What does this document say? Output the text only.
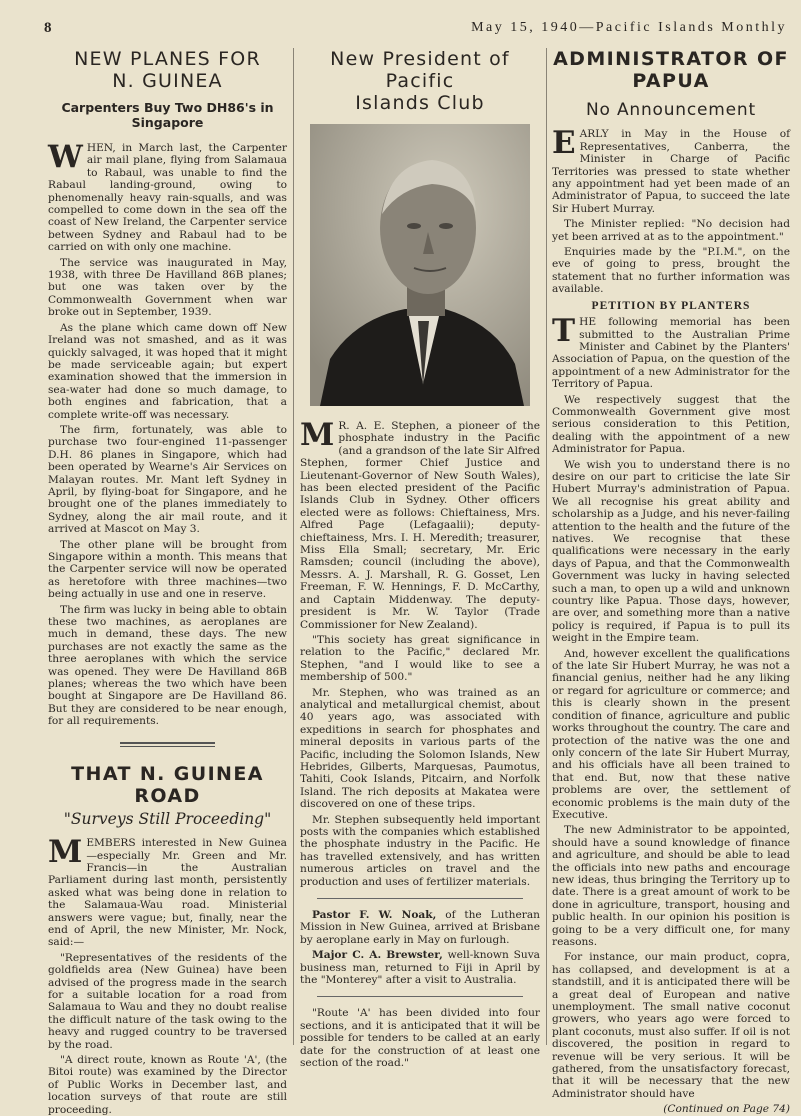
8	May 15, 1940—Pacific Islands Monthly
NEW PLANES FOR
N. GUINEA
Carpenters Buy Two DH86's in Singapore

WHEN, in March last, the Carpenter air mail plane, flying from Salamaua to Rabaul, was unable to find the Rabaul landing-ground, owing to phenomenally heavy rain-squalls, and was compelled to come down in the sea off the coast of New Ireland, the Carpenter service between Sydney and Rabaul had to be carried on with only one machine.

The service was inaugurated in May, 1938, with three De Havilland 86B planes; but one was taken over by the Commonwealth Government when war broke out in September, 1939.

As the plane which came down off New Ireland was not smashed, and as it was quickly salvaged, it was hoped that it might be made serviceable again; but expert examination showed that the immersion in sea-water had done so much damage, to both engines and fabrication, that a complete write-off was necessary.

The firm, fortunately, was able to purchase two four-engined 11-passenger D.H. 86 planes in Singapore, which had been operated by Wearne's Air Services on Malayan routes. Mr. Mant left Sydney in April, by flying-boat for Singapore, and he brought one of the planes immediately to Sydney, along the air mail route, and it arrived at Mascot on May 3.

The other plane will be brought from Singapore within a month. This means that the Carpenter service will now be operated as heretofore with three machines—two being actually in use and one in reserve.

The firm was lucky in being able to obtain these two machines, as aeroplanes are much in demand, these days. The new purchases are not exactly the same as the three aeroplanes with which the service was opened. They were De Havilland 86B planes; whereas the two which have been bought at Singapore are De Havilland 86. But they are considered to be near enough, for all requirements.

THAT N. GUINEA
ROAD
"Surveys Still Proceeding"

MEMBERS interested in New Guinea —especially Mr. Green and Mr. Francis—in the Australian Parliament during last month, persistently asked what was being done in relation to the Salamaua-Wau road. Ministerial answers were vague; but, finally, near the end of April, the new Minister, Mr. Nock, said:—

"Representatives of the residents of the goldfields area (New Guinea) have been advised of the progress made in the search for a suitable location for a road from Salamaua to Wau and they no doubt realise the difficult nature of the task owing to the heavy and rugged country to be traversed by the road.

"A direct route, known as Route 'A', (the Bitoi route) was examined by the Director of Public Works in December last, and location surveys of that route are still proceeding.

New President of Pacific
Islands Club

M R. A. E. Stephen, a pioneer of the phosphate industry in the Pacific (and a grandson of the late Sir Alfred Stephen, former Chief Justice and Lieutenant-Governor of New South Wales), has been elected president of the Pacific Islands Club in Sydney. Other officers elected were as follows: Chieftainess, Mrs. Alfred Page (Lefagaalii); deputy-chieftainess, Mrs. I. H. Meredith; treasurer, Miss Ella Small; secretary, Mr. Eric Ramsden; council (including the above), Messrs. A. J. Marshall, R. G. Gosset, Len Freeman, F. W. Hennings, F. D. McCarthy, and Captain Middenway. The deputy-president is Mr. W. Taylor (Trade Commissioner for New Zealand).

"This society has great significance in relation to the Pacific," declared Mr. Stephen, "and I would like to see a membership of 500."

Mr. Stephen, who was trained as an analytical and metallurgical chemist, about 40 years ago, was associated with expeditions in search for phosphates and mineral deposits in various parts of the Pacific, including the Solomon Islands, New Hebrides, Gilberts, Marquesas, Paumotus, Tahiti, Cook Islands, Pitcairn, and Norfolk Island. The rich deposits at Makatea were discovered on one of these trips.

Mr. Stephen subsequently held important posts with the companies which established the phosphate industry in the Pacific. He has travelled extensively, and has written numerous articles on travel and the production and uses of fertilizer materials.

Pastor F. W. Noak, of the Lutheran Mission in New Guinea, arrived at Brisbane by aeroplane early in May on furlough.

Major C. A. Brewster, well-known Suva business man, returned to Fiji in April by the "Monterey" after a visit to Australia.

"Route 'A' has been divided into four sections, and it is anticipated that it will be possible for tenders to be called at an early date for the construction of at least one section of the road."

ADMINISTRATOR OF
PAPUA
No Announcement

EARLY in May in the House of Representatives, Canberra, the Minister in Charge of Pacific Territories was pressed to state whether any appointment had yet been made of an Administrator of Papua, to succeed the late Sir Hubert Murray.

The Minister replied: "No decision had yet been arrived at as to the appointment."

Enquiries made by the "P.I.M.", on the eve of going to press, brought the statement that no further information was available.

PETITION BY PLANTERS

THE following memorial has been submitted to the Australian Prime Minister and Cabinet by the Planters' Association of Papua, on the question of the appointment of a new Administrator for the Territory of Papua.

We respectively suggest that the Commonwealth Government give most serious consideration to this Petition, dealing with the appointment of a new Administrator for Papua.

We wish you to understand there is no desire on our part to criticise the late Sir Hubert Murray's administration of Papua. We all recognise his great ability and scholarship as a Judge, and his never-failing attention to the health and the future of the natives. We recognise that these qualifications were necessary in the early days of Papua, and that the Commonwealth Government was lucky in having selected such a man, to open up a wild and unknown country like Papua. Those days, however, are over, and something more than a native policy is required, if Papua is to pull its weight in the Empire team.

And, however excellent the qualifications of the late Sir Hubert Murray, he was not a financial genius, neither had he any liking or regard for agriculture or commerce; and this is clearly shown in the present condition of finance, agriculture and public works throughout the country. The care and protection of the native was the one and only concern of the late Sir Hubert Murray, and his officials have all been trained to that end. But, now that these native problems are over, the settlement of economic problems is the main duty of the Executive.

The new Administrator to be appointed, should have a sound knowledge of finance and agriculture, and should be able to lead the officials into new paths and encourage new ideas, thus bringing the Territory up to date. There is a great amount of work to be done in agriculture, transport, housing and public health. In our opinion his position is going to be a very difficult one, for many reasons.

For instance, our main product, copra, has collapsed, and development is at a standstill, and it is anticipated there will be a great deal of European and native unemployment. The small native coconut growers, who years ago were forced to plant coconuts, must also suffer. If oil is not discovered, the position in regard to revenue will be very serious. It will be gathered, from the unsatisfactory forecast, that it will be necessary that the new Administrator should have

(Continued on Page 74)
